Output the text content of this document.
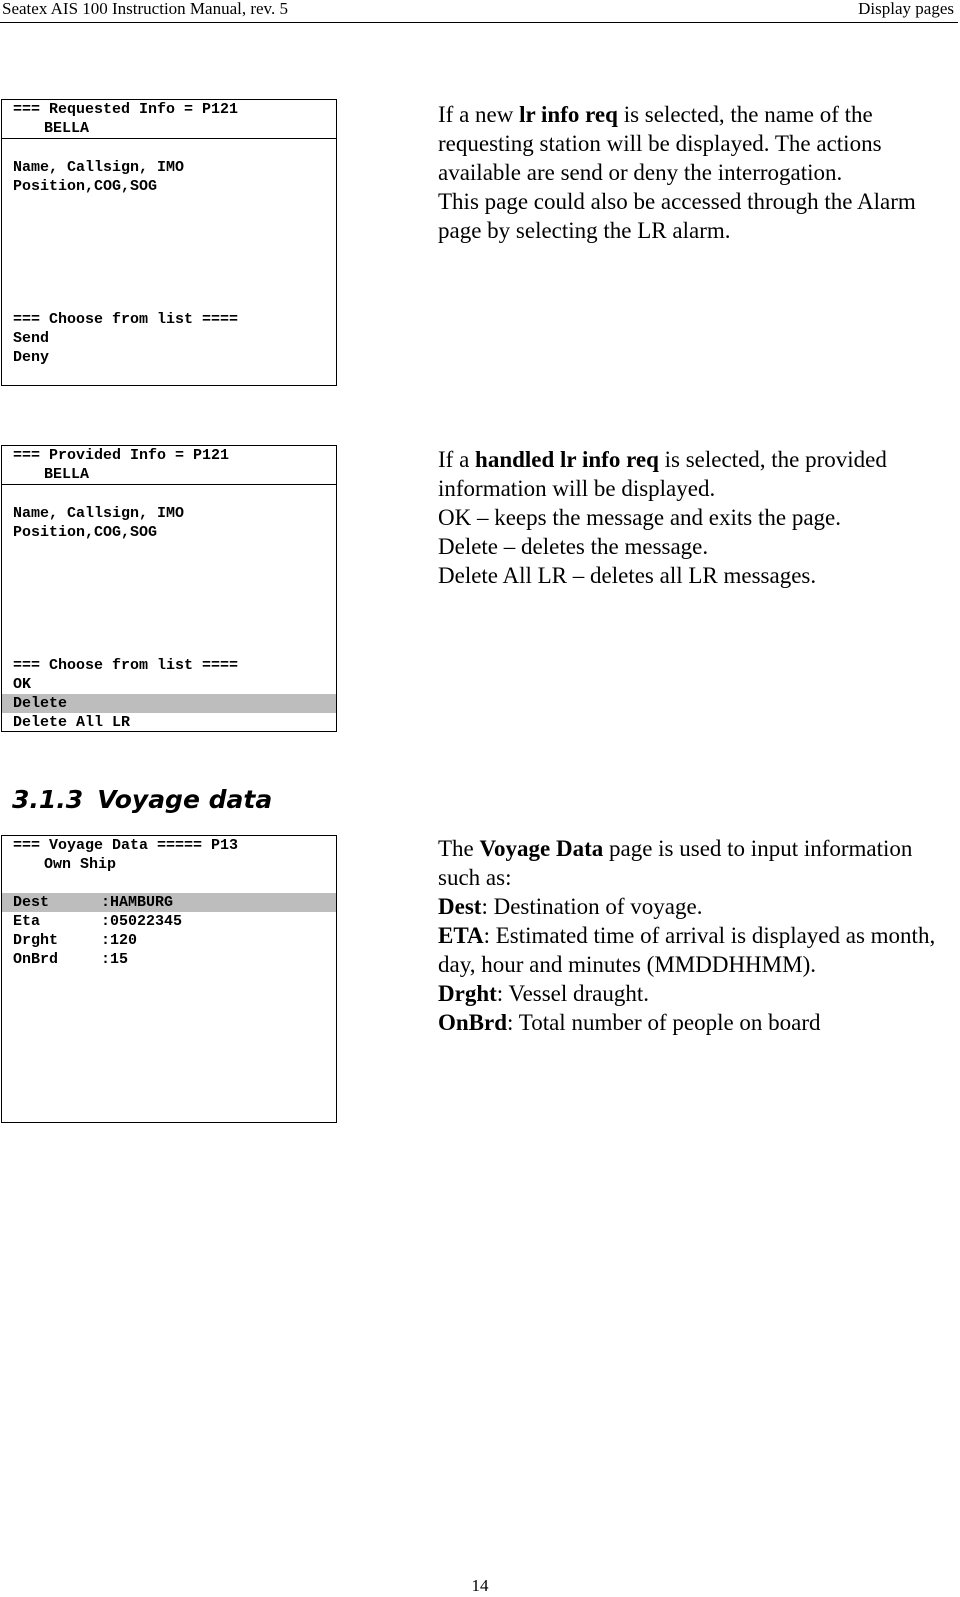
Seatex AIS 100 Instruction Manual, rev. 5	Display pages
=== Requested Info = P121
BELLA
Name, Callsign, IMO
Position,COG,SOG
=== Choose from list ====
Send
Deny

If a new lr info req is selected, the name of the requesting station will be displayed. The actions available are send or deny the interrogation.

This page could also be accessed through the Alarm page by selecting the LR alarm.

=== Provided Info = P121
BELLA
Name, Callsign, IMO
Position,COG,SOG
=== Choose from list ====
OK
Delete
Delete All LR

If a handled lr info req is selected, the provided information will be displayed.

OK – keeps the message and exits the page.

Delete – deletes the message.

Delete All LR – deletes all LR messages.

3.1.3 Voyage data
=== Voyage Data ===== P13
Own Ship
Dest	:HAMBURG
Eta	:05022345
Drght	:120
OnBrd	:15

The Voyage Data page is used to input information such as:

Dest: Destination of voyage.

ETA: Estimated time of arrival is displayed as month, day, hour and minutes (MMDDHHMM).

Drght: Vessel draught.

OnBrd: Total number of people on board

14
